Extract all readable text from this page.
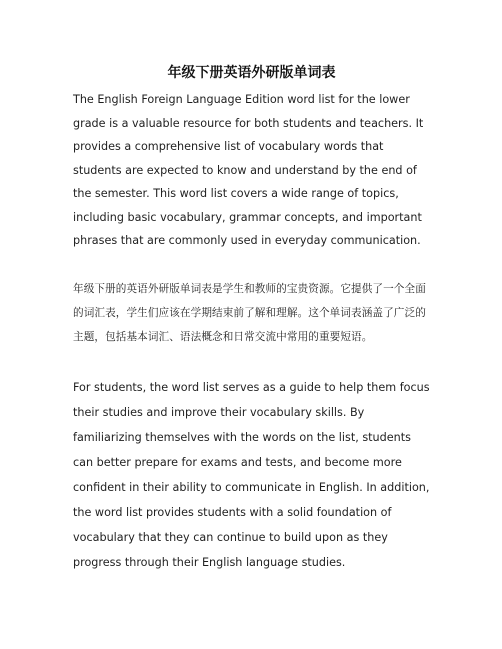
年级下册英语外研版单词表

The English Foreign Language Edition word list for the lower grade is a valuable resource for both students and teachers. It provides a comprehensive list of vocabulary words that students are expected to know and understand by the end of the semester. This word list covers a wide range of topics, including basic vocabulary, grammar concepts, and important phrases that are commonly used in everyday communication.

年级下册的英语外研版单词表是学生和教师的宝贵资源。它提供了一个全面的词汇表，学生们应该在学期结束前了解和理解。这个单词表涵盖了广泛的主题，包括基本词汇、语法概念和日常交流中常用的重要短语。

For students, the word list serves as a guide to help them focus their studies and improve their vocabulary skills. By familiarizing themselves with the words on the list, students can better prepare for exams and tests, and become more confident in their ability to communicate in English. In addition, the word list provides students with a solid foundation of vocabulary that they can continue to build upon as they progress through their English language studies.
